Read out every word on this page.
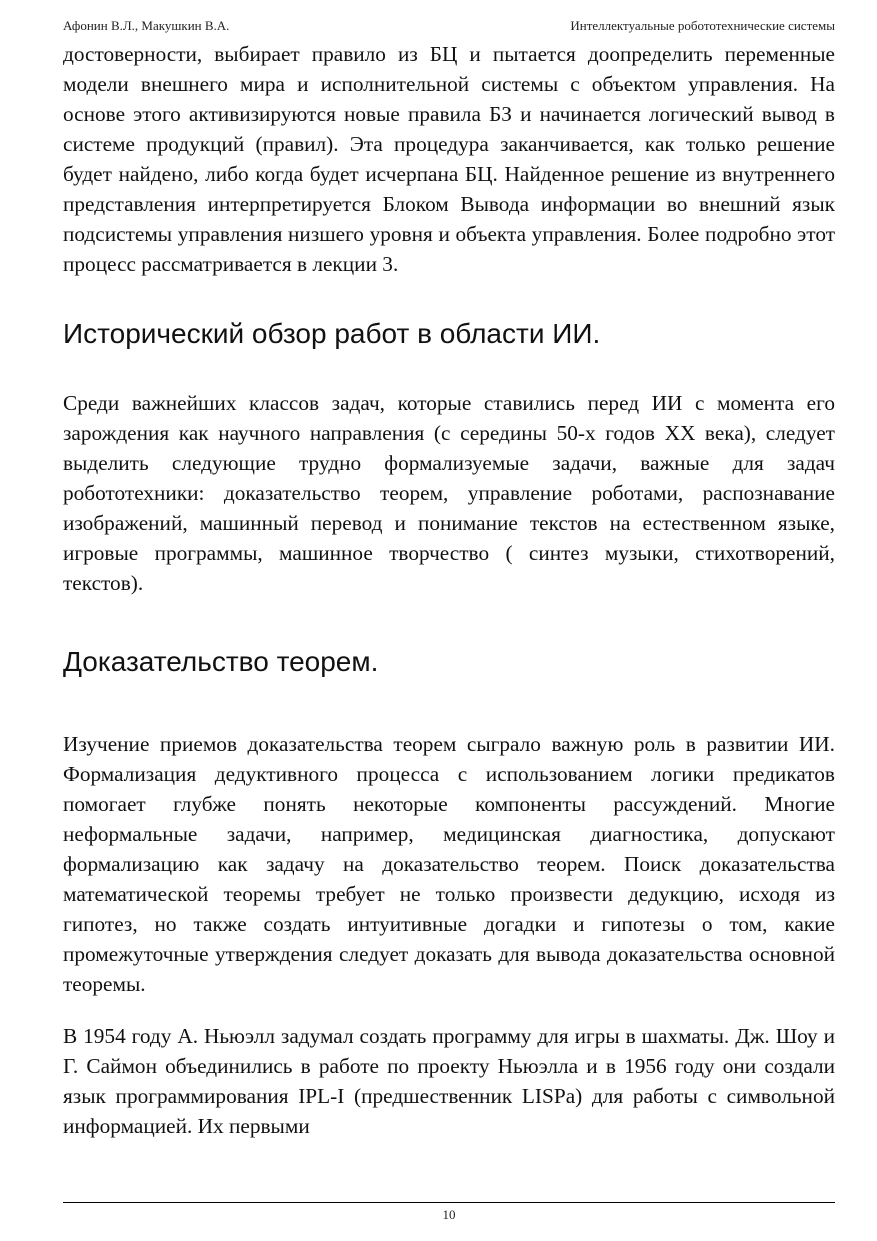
Афонин В.Л., Макушкин В.А.	Интеллектуальные робототехнические системы

достоверности, выбирает правило из БЦ и пытается доопределить переменные модели внешнего мира и исполнительной системы с объектом управления. На основе этого активизируются новые правила БЗ и начинается логический вывод в системе продукций (правил). Эта процедура заканчивается, как только решение будет найдено, либо когда будет исчерпана БЦ. Найденное решение из внутреннего представления интерпретируется Блоком Вывода информации во внешний язык подсистемы управления низшего уровня и объекта управления. Более подробно этот процесс рассматривается в лекции 3.

Исторический обзор работ в области ИИ.

Среди важнейших классов задач, которые ставились перед ИИ с момента его зарождения как научного направления (с середины 50-х годов XX века), следует выделить следующие трудно формализуемые задачи, важные для задач робототехники: доказательство теорем, управление роботами, распознавание изображений, машинный перевод и понимание текстов на естественном языке, игровые программы, машинное творчество ( синтез музыки, стихотворений, текстов).

Доказательство теорем.

Изучение приемов доказательства теорем сыграло важную роль в развитии ИИ. Формализация дедуктивного процесса с использованием логики предикатов помогает глубже понять некоторые компоненты рассуждений. Многие неформальные задачи, например, медицинская диагностика, допускают формализацию как задачу на доказательство теорем. Поиск доказательства математической теоремы требует не только произвести дедукцию, исходя из гипотез, но также создать интуитивные догадки и гипотезы о том, какие промежуточные утверждения следует доказать для вывода доказательства основной теоремы.

В 1954 году А. Ньюэлл задумал создать программу для игры в шахматы. Дж. Шоу и Г. Саймон объединились в работе по проекту Ньюэлла и в 1956 году они создали язык программирования IPL-I (предшественник LISPa) для работы с символьной информацией. Их первыми

10
